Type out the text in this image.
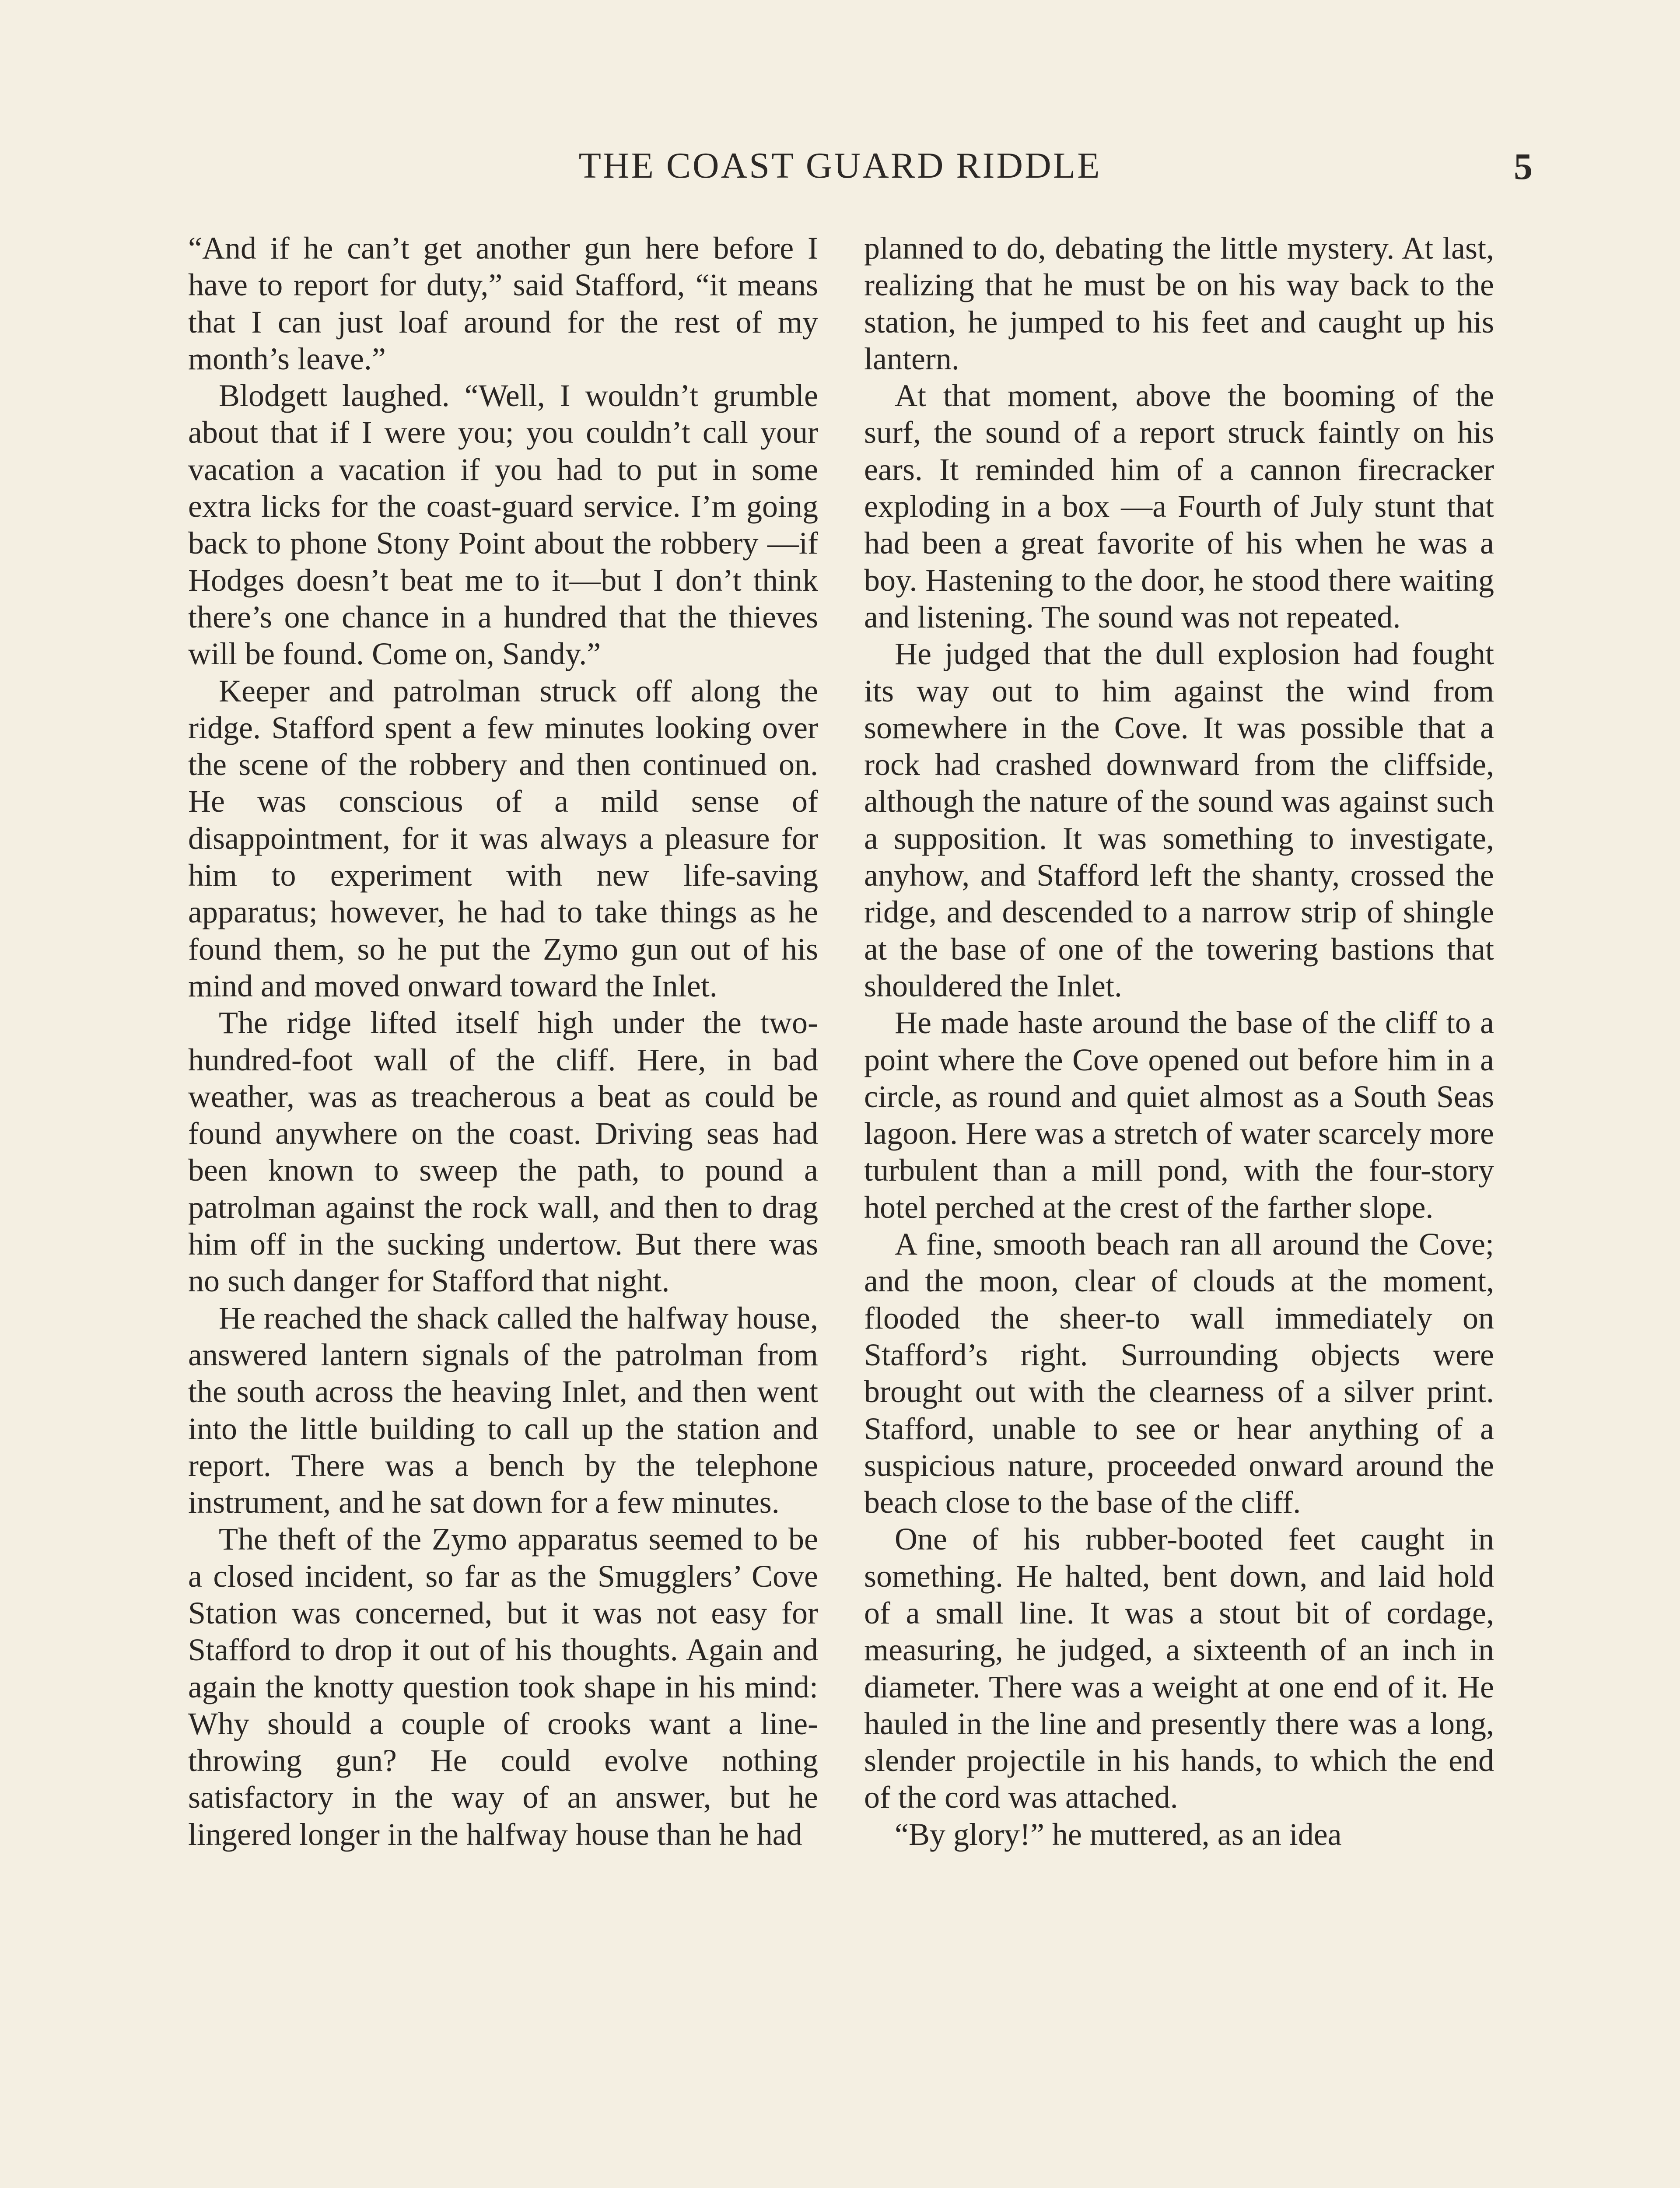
THE COAST GUARD RIDDLE	5

“And if he can’t get another gun here before I have to report for duty,” said Stafford, “it means that I can just loaf around for the rest of my month’s leave.”

Blodgett laughed. “Well, I wouldn’t grumble about that if I were you; you couldn’t call your vacation a vacation if you had to put in some extra licks for the coast-guard service. I’m going back to phone Stony Point about the robbery —if Hodges doesn’t beat me to it—but I don’t think there’s one chance in a hundred that the thieves will be found. Come on, Sandy.”

Keeper and patrolman struck off along the ridge. Stafford spent a few minutes looking over the scene of the robbery and then continued on. He was conscious of a mild sense of disappointment, for it was always a pleasure for him to experiment with new life-saving apparatus; however, he had to take things as he found them, so he put the Zymo gun out of his mind and moved onward toward the Inlet.

The ridge lifted itself high under the two-hundred-foot wall of the cliff. Here, in bad weather, was as treacherous a beat as could be found anywhere on the coast. Driving seas had been known to sweep the path, to pound a patrolman against the rock wall, and then to drag him off in the sucking undertow. But there was no such danger for Stafford that night.

He reached the shack called the halfway house, answered lantern signals of the patrolman from the south across the heaving Inlet, and then went into the little building to call up the station and report. There was a bench by the telephone instrument, and he sat down for a few minutes.

The theft of the Zymo apparatus seemed to be a closed incident, so far as the Smugglers’ Cove Station was concerned, but it was not easy for Stafford to drop it out of his thoughts. Again and again the knotty question took shape in his mind: Why should a couple of crooks want a line-throwing gun? He could evolve nothing satisfactory in the way of an answer, but he lingered longer in the halfway house than he had

planned to do, debating the little mystery. At last, realizing that he must be on his way back to the station, he jumped to his feet and caught up his lantern.

At that moment, above the booming of the surf, the sound of a report struck faintly on his ears. It reminded him of a cannon firecracker exploding in a box —a Fourth of July stunt that had been a great favorite of his when he was a boy. Hastening to the door, he stood there waiting and listening. The sound was not repeated.

He judged that the dull explosion had fought its way out to him against the wind from somewhere in the Cove. It was possible that a rock had crashed downward from the cliffside, although the nature of the sound was against such a supposition. It was something to investigate, anyhow, and Stafford left the shanty, crossed the ridge, and descended to a narrow strip of shingle at the base of one of the towering bastions that shouldered the Inlet.

He made haste around the base of the cliff to a point where the Cove opened out before him in a circle, as round and quiet almost as a South Seas lagoon. Here was a stretch of water scarcely more turbulent than a mill pond, with the four-story hotel perched at the crest of the farther slope.

A fine, smooth beach ran all around the Cove; and the moon, clear of clouds at the moment, flooded the sheer-to wall immediately on Stafford’s right. Surrounding objects were brought out with the clearness of a silver print. Stafford, unable to see or hear anything of a suspicious nature, proceeded onward around the beach close to the base of the cliff.

One of his rubber-booted feet caught in something. He halted, bent down, and laid hold of a small line. It was a stout bit of cordage, measuring, he judged, a sixteenth of an inch in diameter. There was a weight at one end of it. He hauled in the line and presently there was a long, slender projectile in his hands, to which the end of the cord was attached.

“By glory!” he muttered, as an idea
